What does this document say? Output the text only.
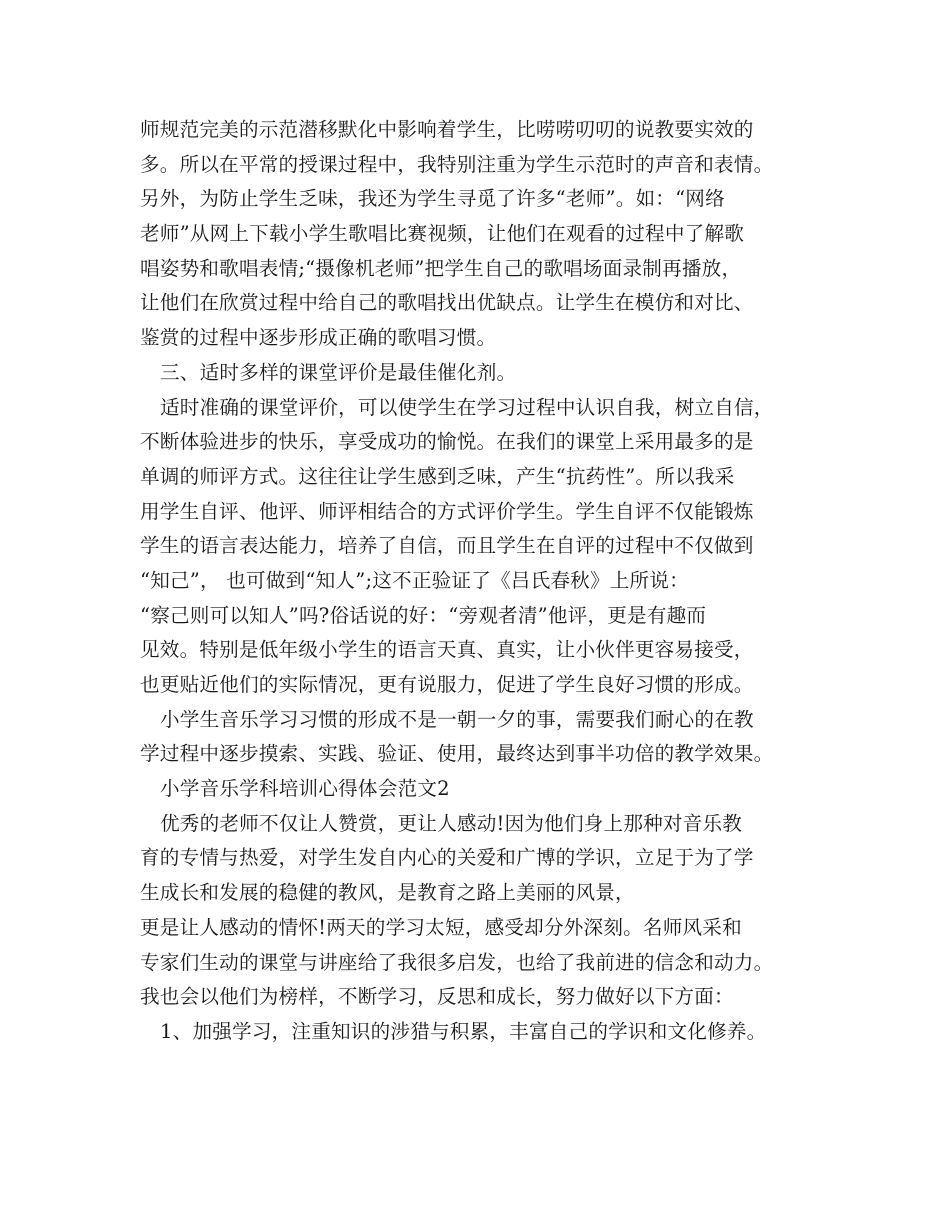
师规范完美的示范潜移默化中影响着学生，比唠唠叨叨的说教要实效的
多。所以在平常的授课过程中，我特别注重为学生示范时的声音和表情。
另外，为防止学生乏味，我还为学生寻觅了许多“老师”。如：“网络
老师”从网上下载小学生歌唱比赛视频，让他们在观看的过程中了解歌
唱姿势和歌唱表情;“摄像机老师”把学生自己的歌唱场面录制再播放，
让他们在欣赏过程中给自己的歌唱找出优缺点。让学生在模仿和对比、
鉴赏的过程中逐步形成正确的歌唱习惯。
三、适时多样的课堂评价是最佳催化剂。
适时准确的课堂评价，可以使学生在学习过程中认识自我，树立自信，
不断体验进步的快乐，享受成功的愉悦。在我们的课堂上采用最多的是
单调的师评方式。这往往让学生感到乏味，产生“抗药性”。所以我采
用学生自评、他评、师评相结合的方式评价学生。学生自评不仅能锻炼
学生的语言表达能力，培养了自信，而且学生在自评的过程中不仅做到
“知己”， 也可做到“知人”;这不正验证了《吕氏春秋》上所说：
“察己则可以知人”吗?俗话说的好：“旁观者清”他评，更是有趣而
见效。特别是低年级小学生的语言天真、真实，让小伙伴更容易接受，
也更贴近他们的实际情况，更有说服力，促进了学生良好习惯的形成。
小学生音乐学习习惯的形成不是一朝一夕的事，需要我们耐心的在教
学过程中逐步摸索、实践、验证、使用，最终达到事半功倍的教学效果。
小学音乐学科培训心得体会范文2
优秀的老师不仅让人赞赏，更让人感动!因为他们身上那种对音乐教
育的专情与热爱，对学生发自内心的关爱和广博的学识，立足于为了学
生成长和发展的稳健的教风，是教育之路上美丽的风景，
更是让人感动的情怀!两天的学习太短，感受却分外深刻。名师风采和
专家们生动的课堂与讲座给了我很多启发，也给了我前进的信念和动力。
我也会以他们为榜样，不断学习，反思和成长，努力做好以下方面：
1、加强学习，注重知识的涉猎与积累，丰富自己的学识和文化修养。
